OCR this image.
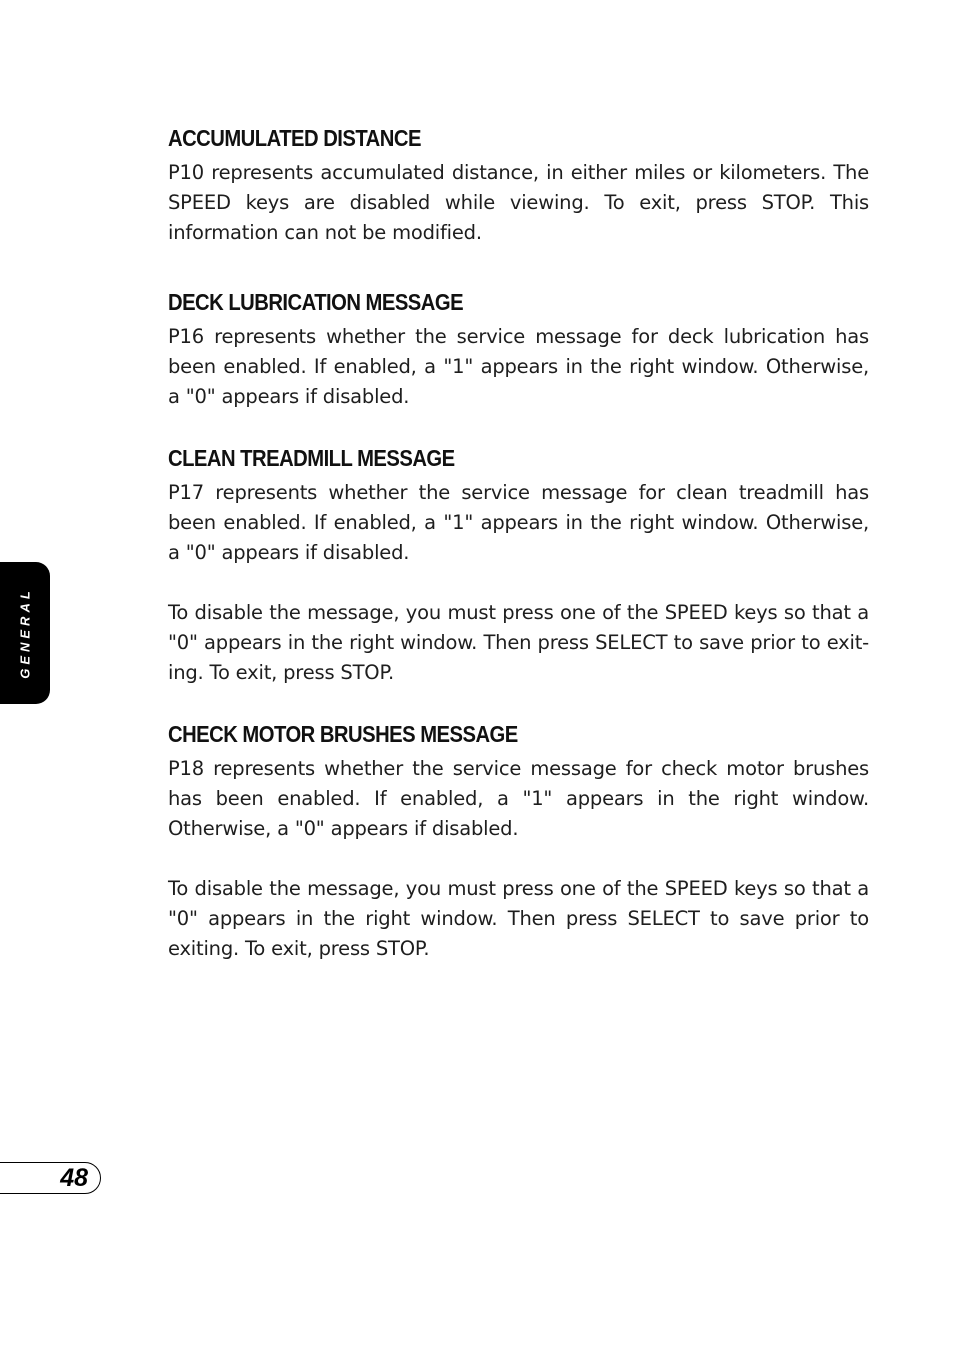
ACCUMULATED DISTANCE

P10 represents accumulated distance, in either miles or kilometers. The SPEED keys are disabled while viewing. To exit, press STOP. This information can not be modified.

DECK LUBRICATION MESSAGE

P16 represents whether the service message for deck lubrication has been enabled. If enabled, a "1" appears in the right window. Otherwise, a "0" appears if disabled.

CLEAN TREADMILL MESSAGE

P17 represents whether the service message for clean treadmill has been enabled. If enabled, a "1" appears in the right window. Otherwise, a "0" appears if disabled.

To disable the message, you must press one of the SPEED keys so that a "0" appears in the right window. Then press SELECT to save prior to exit-ing. To exit, press STOP.

CHECK MOTOR BRUSHES MESSAGE

P18 represents whether the service message for check motor brushes has been enabled. If enabled, a "1" appears in the right window. Otherwise, a "0" appears if disabled.

To disable the message, you must press one of the SPEED keys so that a "0" appears in the right window. Then press SELECT to save prior to exiting. To exit, press STOP.

GENERAL
48
